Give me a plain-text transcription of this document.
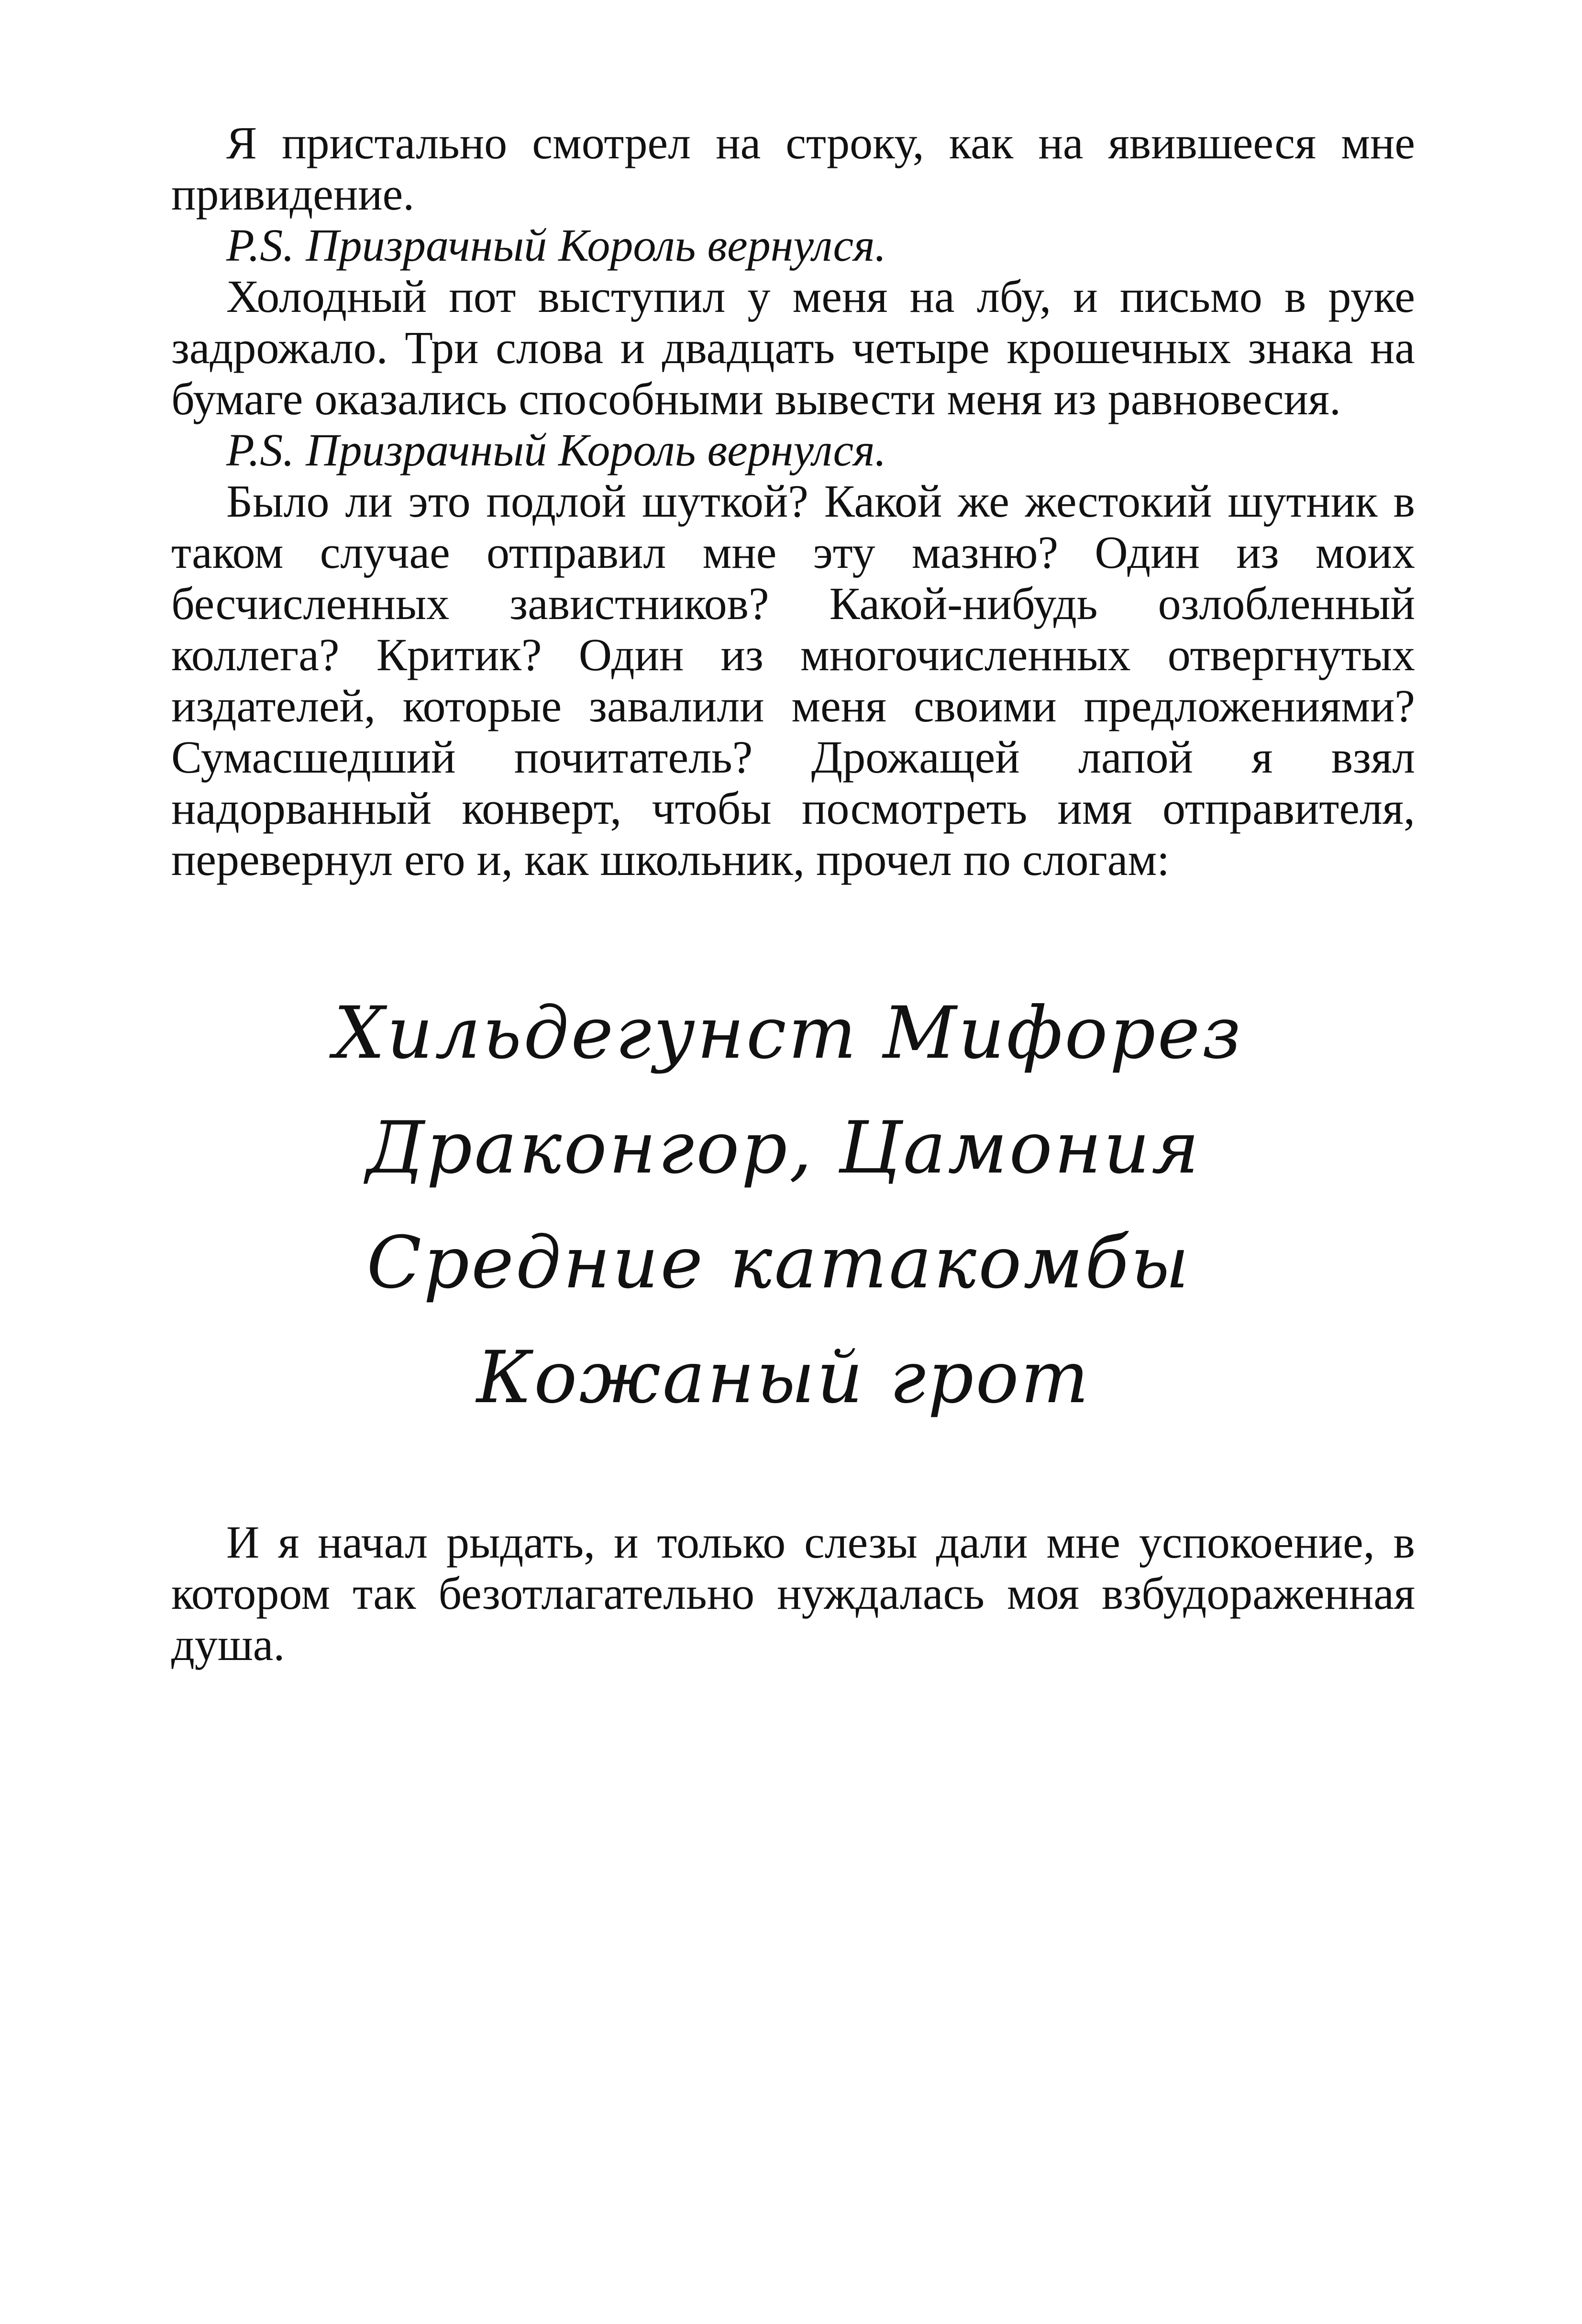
Я пристально смотрел на строку, как на явившееся мне привидение.

P.S. Призрачный Король вернулся.

Холодный пот выступил у меня на лбу, и письмо в руке задрожало. Три слова и двадцать четыре крошечных знака на бумаге оказались способными вывести меня из равновесия.

P.S. Призрачный Король вернулся.

Было ли это подлой шуткой? Какой же жестокий шутник в таком случае отправил мне эту мазню? Один из моих бесчисленных завистников? Какой-нибудь озлобленный коллега? Критик? Один из многочисленных отвергнутых издателей, которые завалили меня своими предложениями? Сумасшедший почитатель? Дрожащей лапой я взял надорванный конверт, чтобы посмотреть имя отправителя, перевернул его и, как школьник, прочел по слогам:

Хильдегунст Мифорез
Драконгор, Цамония
Средние катакомбы
Кожаный грот

И я начал рыдать, и только слезы дали мне успокоение, в котором так безотлагательно нуждалась моя взбудораженная душа.
